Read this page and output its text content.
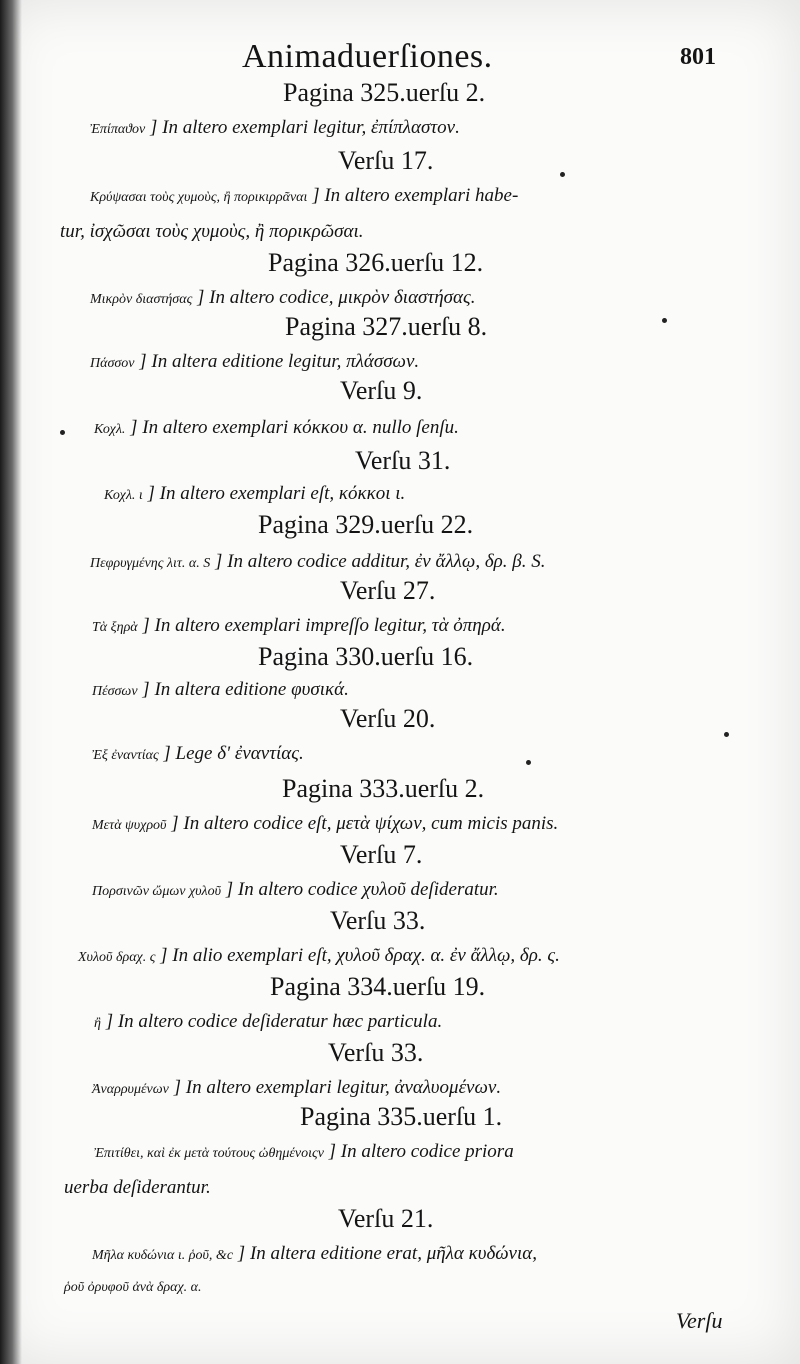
Animaduerſiones.	801
Pagina 325.uerſu 2.
Ἐπίπαϑον ] In altero exemplari legitur, ἐπίπλαστον.
Verſu 17.
Κρύψασαι τοὺς χυμοὺς, ἢ πορικιρρᾶναι ] In altero exemplari habe-
tur, ἰσχῶσαι τοὺς χυμοὺς, ἢ πορικρῶσαι.
Pagina 326.uerſu 12.
Μικρὸν διαστήσας ] In altero codice, μικρὸν διαστήσας.
Pagina 327.uerſu 8.
Πάσσον ] In altera editione legitur, πλάσσων.
Verſu 9.
Κοχλ. ] In altero exemplari κόκκου α. nullo ſenſu.
Verſu 31.
Κοχλ. ι ] In altero exemplari eſt, κόκκοι ι.
Pagina 329.uerſu 22.
Πεφρυγμένης λιτ. α. S ] In altero codice additur, ἐν ἄλλῳ, δρ. β. S.
Verſu 27.
Τὰ ξηρὰ ] In altero exemplari impreſſo legitur, τὰ ὀπηρά.
Pagina 330.uerſu 16.
Πέσσων ] In altera editione φυσικά.
Verſu 20.
Ἐξ ἐναντίας ] Lege δ' ἐναντίας.
Pagina 333.uerſu 2.
Μετὰ ψυχροῦ ] In altero codice eſt, μετὰ ψίχων, cum micis panis.
Verſu 7.
Πορσινῶν ὤμων χυλοῦ ] In altero codice χυλοῦ deſideratur.
Verſu 33.
Χυλοῦ δραχ. ς ] In alio exemplari eſt, χυλοῦ δραχ. α. ἐν ἄλλῳ, δρ. ς.
Pagina 334.uerſu 19.
ἢ ] In altero codice deſideratur hæc particula.
Verſu 33.
Ἀναρρυμένων ] In altero exemplari legitur, ἀναλυομένων.
Pagina 335.uerſu 1.
Ἐπιτίθει, καὶ ἐκ μετὰ τούτους ὠθημένοιςν ] In altero codice priora
uerba deſiderantur.
Verſu 21.
Μῆλα κυδώνια ι. ῥοῦ, &c ] In altera editione erat, μῆλα κυδώνια,
ῥοῦ ὀρυφοῦ ἀνὰ δραχ. α.
Verſu
